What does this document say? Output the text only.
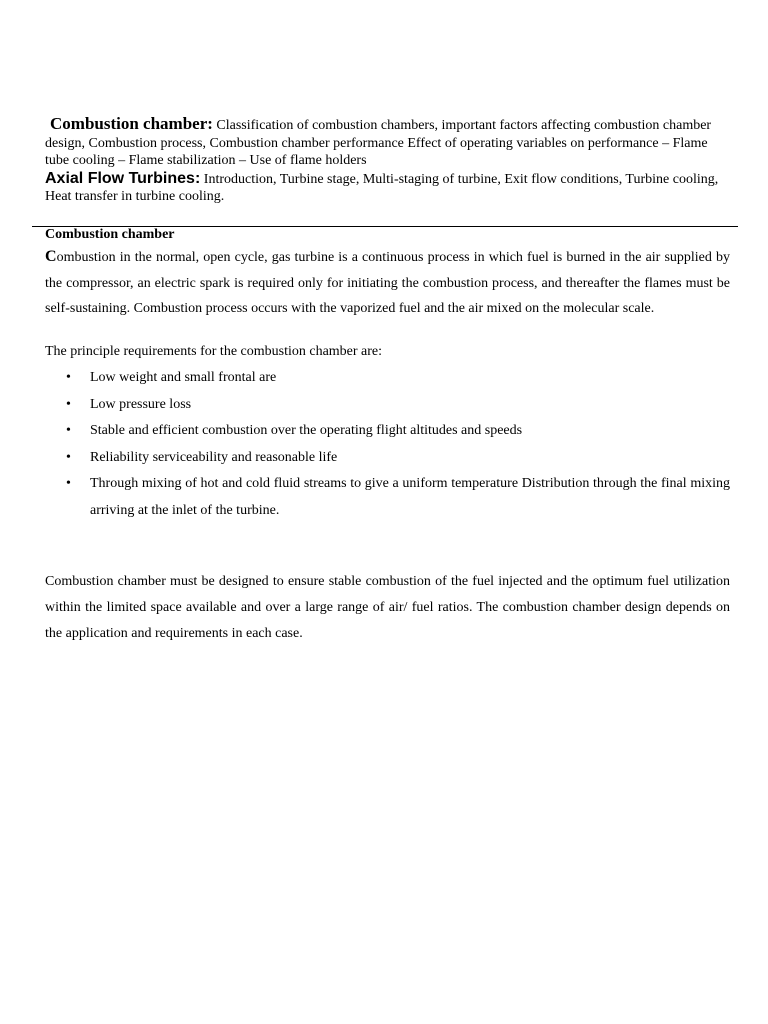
Combustion chamber: Classification of combustion chambers, important factors affecting combustion chamber design, Combustion process, Combustion chamber performance Effect of operating variables on performance – Flame tube cooling – Flame stabilization – Use of flame holders

Axial Flow Turbines: Introduction, Turbine stage, Multi-staging of turbine, Exit flow conditions, Turbine cooling, Heat transfer in turbine cooling.

Combustion chamber

Combustion in the normal, open cycle, gas turbine is a continuous process in which fuel is burned in the air supplied by the compressor, an electric spark is required only for initiating the combustion process, and thereafter the flames must be self-sustaining. Combustion process occurs with the vaporized fuel and the air mixed on the molecular scale.

The principle requirements for the combustion chamber are:

• Low weight and small frontal are
• Low pressure loss
• Stable and efficient combustion over the operating flight altitudes and speeds
• Reliability serviceability and reasonable life
• Through mixing of hot and cold fluid streams to give a uniform temperature Distribution through the final mixing arriving at the inlet of the turbine.

Combustion chamber must be designed to ensure stable combustion of the fuel injected and the optimum fuel utilization within the limited space available and over a large range of air/ fuel ratios. The combustion chamber design depends on the application and requirements in each case.
